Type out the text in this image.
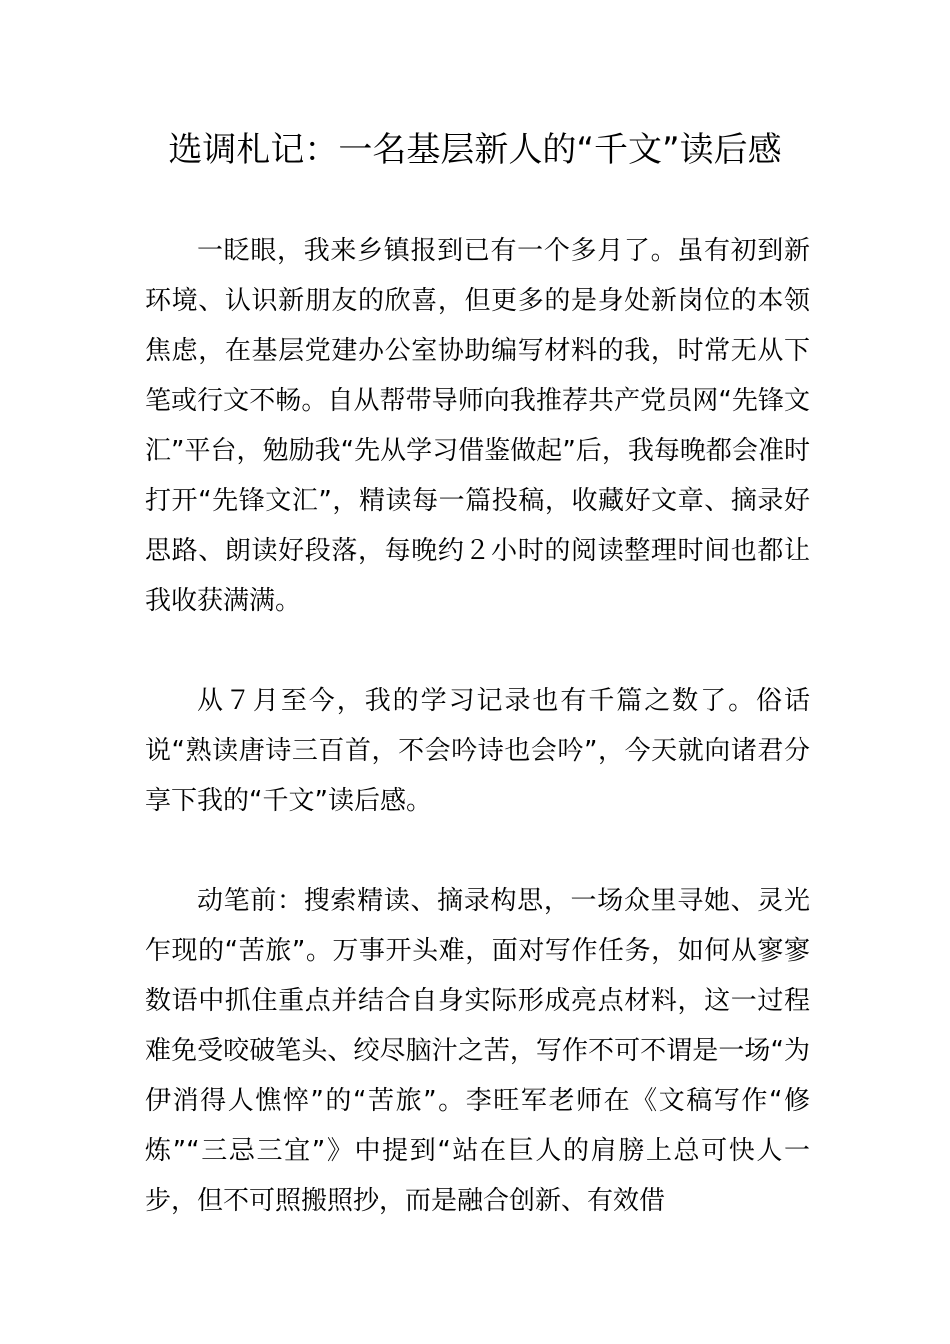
选调札记：一名基层新人的“千文”读后感

一眨眼，我来乡镇报到已有一个多月了。虽有初到新环境、认识新朋友的欣喜，但更多的是身处新岗位的本领焦虑，在基层党建办公室协助编写材料的我，时常无从下笔或行文不畅。自从帮带导师向我推荐共产党员网“先锋文汇”平台，勉励我“先从学习借鉴做起”后，我每晚都会准时打开“先锋文汇”，精读每一篇投稿，收藏好文章、摘录好思路、朗读好段落，每晚约２小时的阅读整理时间也都让我收获满满。

从７月至今，我的学习记录也有千篇之数了。俗话说“熟读唐诗三百首，不会吟诗也会吟”，今天就向诸君分享下我的“千文”读后感。

动笔前：搜索精读、摘录构思，一场众里寻她、灵光乍现的“苦旅”。万事开头难，面对写作任务，如何从寥寥数语中抓住重点并结合自身实际形成亮点材料，这一过程难免受咬破笔头、绞尽脑汁之苦，写作不可不谓是一场“为伊消得人憔悴”的“苦旅”。李旺军老师在《文稿写作“修炼”“三忌三宜”》中提到“站在巨人的肩膀上总可快人一步，但不可照搬照抄，而是融合创新、有效借
